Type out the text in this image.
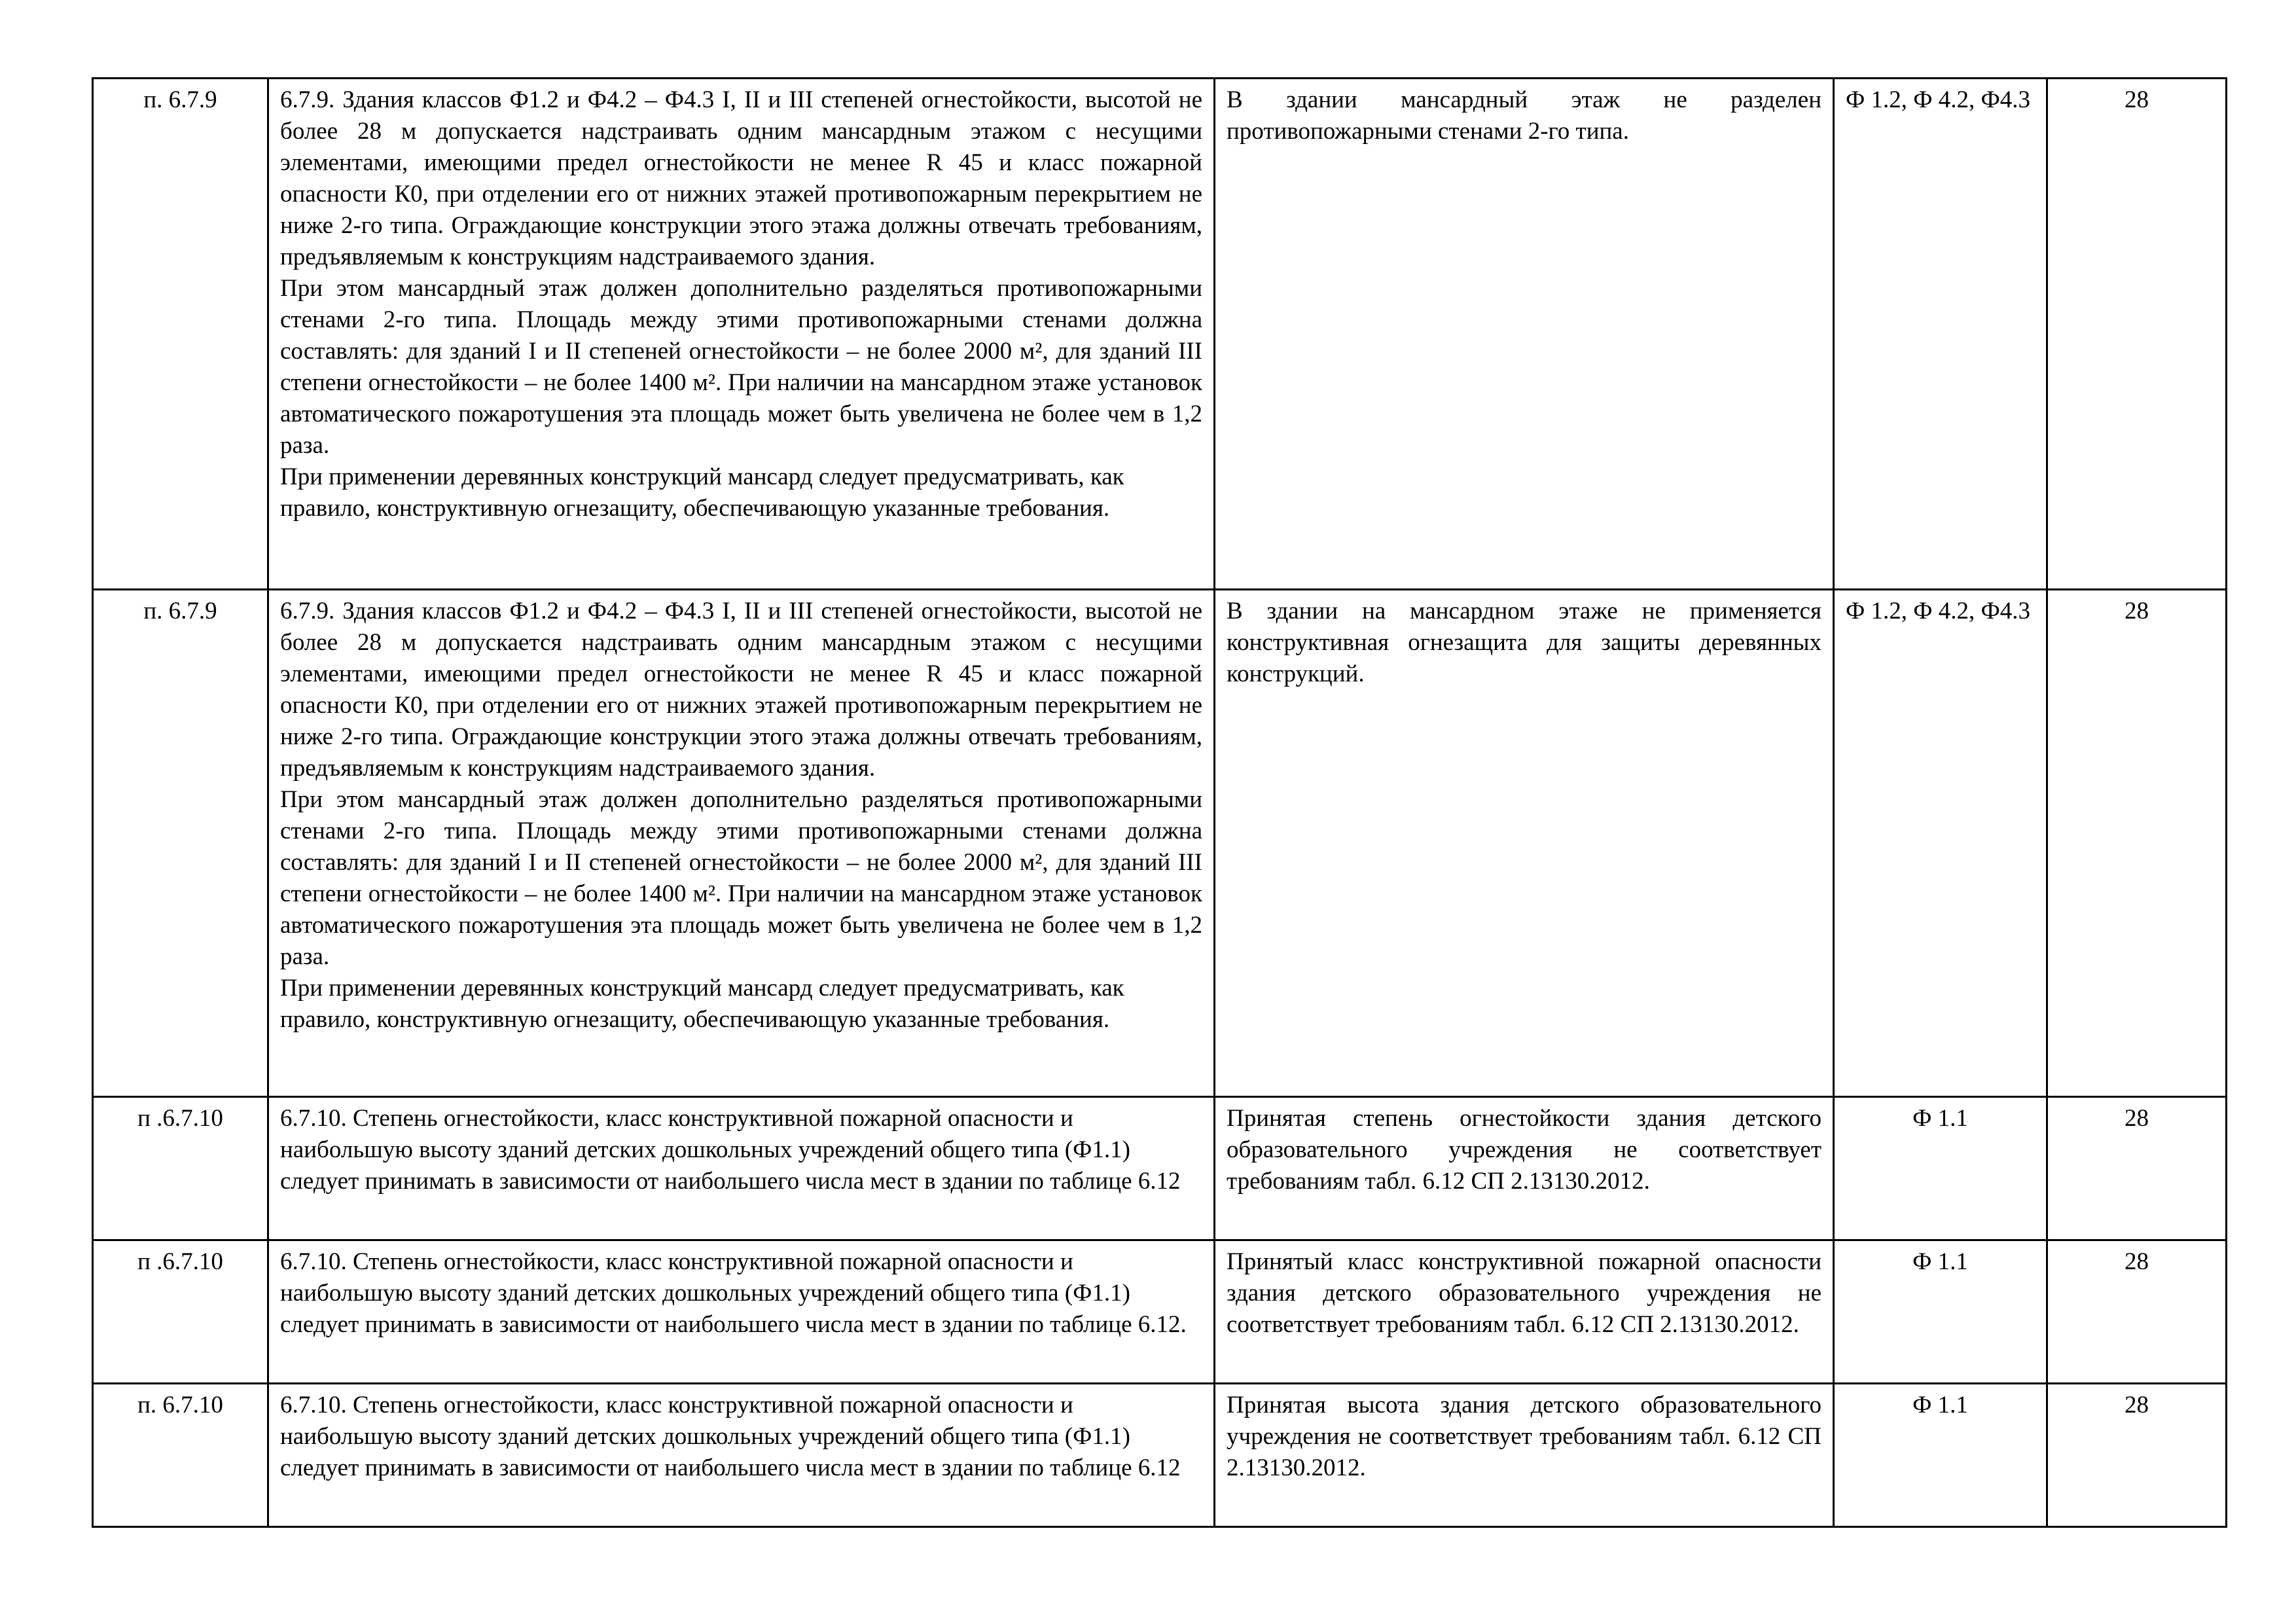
п. 6.7.9	6.7.9. Здания классов Ф1.2 и Ф4.2 – Ф4.3 I, II и III степеней огнестойкости, высотой не более 28 м допускается надстраивать одним мансардным этажом с несущими элементами, имеющими предел огнестойкости не менее R 45 и класс пожарной опасности К0, при отделении его от нижних этажей противопожарным перекрытием не ниже 2-го типа. Ограждающие конструкции этого этажа должны отвечать требованиям, предъявляемым к конструкциям надстраиваемого здания.
При этом мансардный этаж должен дополнительно разделяться противопожарными стенами 2-го типа. Площадь между этими противопожарными стенами должна составлять: для зданий I и II степеней огнестойкости – не более 2000 м², для зданий III степени огнестойкости – не более 1400 м². При наличии на мансардном этаже установок автоматического пожаротушения эта площадь может быть увеличена не более чем в 1,2 раза.
При применении деревянных конструкций мансард следует предусматривать, как правило, конструктивную огнезащиту, обеспечивающую указанные требования.	В здании мансардный этаж не разделен противопожарными стенами 2-го типа.	Ф 1.2, Ф 4.2, Ф4.3	28
п. 6.7.9	6.7.9. Здания классов Ф1.2 и Ф4.2 – Ф4.3 I, II и III степеней огнестойкости, высотой не более 28 м допускается надстраивать одним мансардным этажом с несущими элементами, имеющими предел огнестойкости не менее R 45 и класс пожарной опасности К0, при отделении его от нижних этажей противопожарным перекрытием не ниже 2-го типа. Ограждающие конструкции этого этажа должны отвечать требованиям, предъявляемым к конструкциям надстраиваемого здания.
При этом мансардный этаж должен дополнительно разделяться противопожарными стенами 2-го типа. Площадь между этими противопожарными стенами должна составлять: для зданий I и II степеней огнестойкости – не более 2000 м², для зданий III степени огнестойкости – не более 1400 м². При наличии на мансардном этаже установок автоматического пожаротушения эта площадь может быть увеличена не более чем в 1,2 раза.
При применении деревянных конструкций мансард следует предусматривать, как правило, конструктивную огнезащиту, обеспечивающую указанные требования.	В здании на мансардном этаже не применяется конструктивная огнезащита для защиты деревянных конструкций.	Ф 1.2, Ф 4.2, Ф4.3	28
п .6.7.10	6.7.10. Степень огнестойкости, класс конструктивной пожарной опасности и наибольшую высоту зданий детских дошкольных учреждений общего типа (Ф1.1) следует принимать в зависимости от наибольшего числа мест в здании по таблице 6.12	Принятая степень огнестойкости здания детского образовательного учреждения не соответствует требованиям табл. 6.12 СП 2.13130.2012.	Ф 1.1	28
п .6.7.10	6.7.10. Степень огнестойкости, класс конструктивной пожарной опасности и наибольшую высоту зданий детских дошкольных учреждений общего типа (Ф1.1) следует принимать в зависимости от наибольшего числа мест в здании по таблице 6.12.	Принятый класс конструктивной пожарной опасности здания детского образовательного учреждения не соответствует требованиям табл. 6.12 СП 2.13130.2012.	Ф 1.1	28
п. 6.7.10	6.7.10. Степень огнестойкости, класс конструктивной пожарной опасности и наибольшую высоту зданий детских дошкольных учреждений общего типа (Ф1.1) следует принимать в зависимости от наибольшего числа мест в здании по таблице 6.12	Принятая высота здания детского образовательного учреждения не соответствует требованиям табл. 6.12 СП 2.13130.2012.	Ф 1.1	28
